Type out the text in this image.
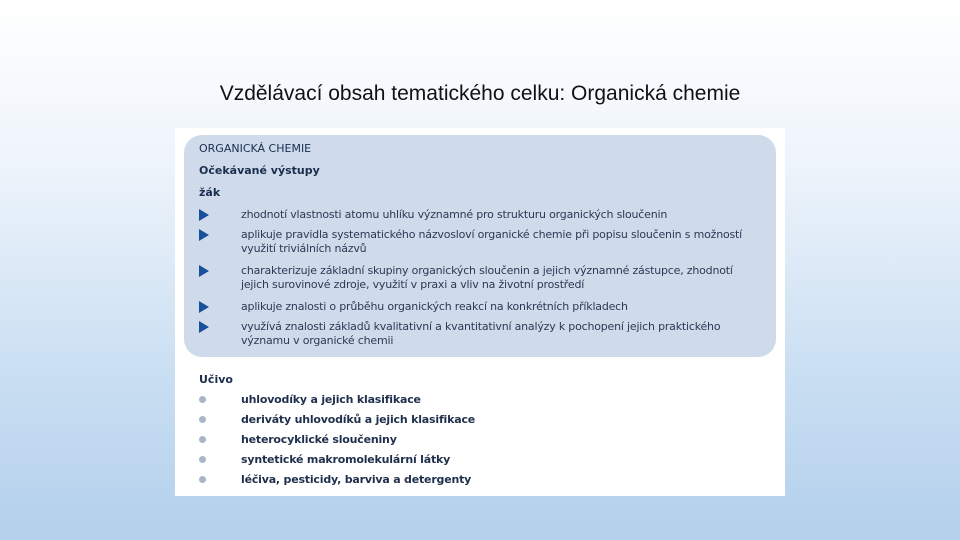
Vzdělávací obsah tematického celku: Organická chemie
ORGANICKÁ CHEMIE
Očekávané výstupy
žák
zhodnotí vlastnosti atomu uhlíku významné pro strukturu organických sloučenin
aplikuje pravidla systematického názvosloví organické chemie při popisu sloučenin s možností využití triviálních názvů
charakterizuje základní skupiny organických sloučenin a jejich významné zástupce, zhodnotí jejich surovinové zdroje, využití v praxi a vliv na životní prostředí
aplikuje znalosti o průběhu organických reakcí na konkrétních příkladech
využívá znalosti základů kvalitativní a kvantitativní analýzy k pochopení jejich praktického významu v organické chemii
Učivo
uhlovodíky a jejich klasifikace
deriváty uhlovodíků a jejich klasifikace
heterocyklické sloučeniny
syntetické makromolekulární látky
léčiva, pesticidy, barviva a detergenty
